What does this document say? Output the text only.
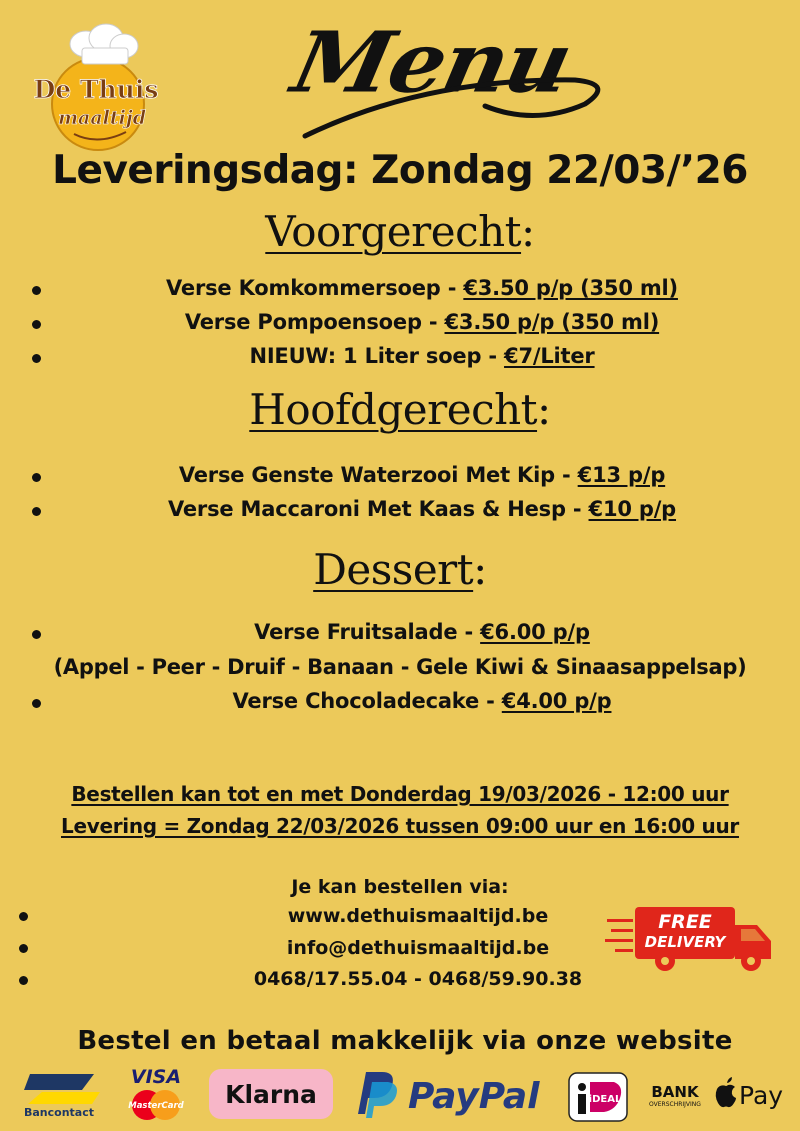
De Thuis
maaltijd
Menu
Leveringsdag: Zondag 22/03/’26
Voorgerecht:
Verse Komkommersoep - €3.50 p/p (350 ml)
Verse Pompoensoep - €3.50 p/p (350 ml)
NIEUW: 1 Liter soep - €7/Liter
Hoofdgerecht:
Verse Genste Waterzooi Met Kip - €13 p/p
Verse Maccaroni Met Kaas & Hesp - €10 p/p
Dessert:
Verse Fruitsalade - €6.00 p/p
(Appel - Peer - Druif - Banaan - Gele Kiwi & Sinaasappelsap)
Verse Chocoladecake - €4.00 p/p
Bestellen kan tot en met Donderdag 19/03/2026 - 12:00 uur
Levering = Zondag 22/03/2026 tussen 09:00 uur en 16:00 uur
Je kan bestellen via:
www.dethuismaaltijd.be
info@dethuismaaltijd.be
0468/17.55.04 - 0468/59.90.38
FREE
DELIVERY
Bestel en betaal makkelijk via onze website
Bancontact
VISA
MasterCard Klarna	PayPal	iDEAL BANK
OVERSCHRIJVING Pay
